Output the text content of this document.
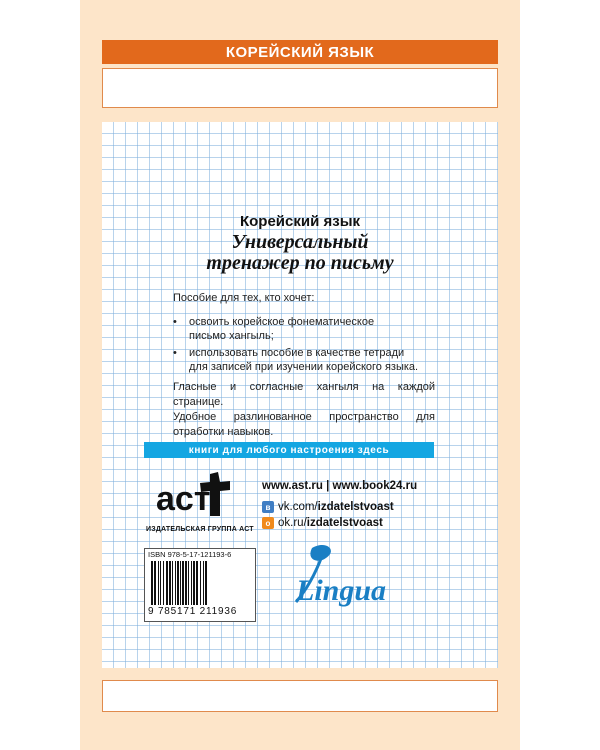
КОРЕЙСКИЙ ЯЗЫК
Корейский язык
Универсальный
тренажер по письму
Пособие для тех, кто хочет:
• освоить корейское фонематическое
письмо хангыль;
• использовать пособие в качестве тетради
для записей при изучении корейского языка.
Гласные и согласные хангыля на каждой странице.
Удобное разлинованное пространство для отработки навыков.
книги для любого настроения здесь
аст
ИЗДАТЕЛЬСКАЯ ГРУППА АСТ
www.ast.ru | www.book24.ru
в vk.com/ izdatelstvoast
o ok.ru/ izdatelstvoast
ISBN 978-5-17-121193-6
9 785171 211936
Lingua
